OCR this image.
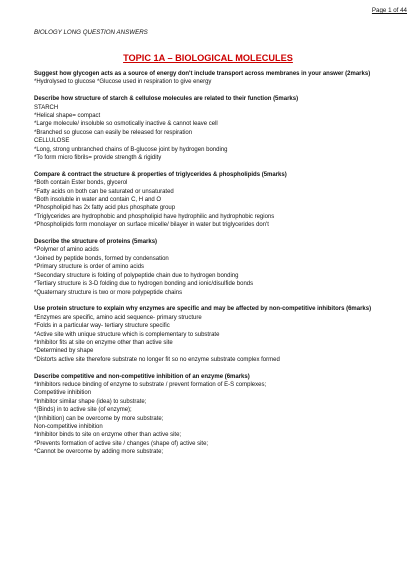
Page 1 of 44
BIOLOGY LONG QUESTION ANSWERS
TOPIC 1A – BIOLOGICAL MOLECULES
Suggest how glycogen acts as a source of energy don't include transport across membranes in your answer (2marks)
*Hydrolysed to glucose *Glucose used in respiration to give energy
Describe how structure of starch & cellulose molecules are related to their function (5marks)
STARCH
*Helical shape= compact
*Large molecule/ insoluble so osmotically inactive & cannot leave cell
*Branched so glucose can easily be released for respiration
CELLULOSE
*Long, strong unbranched chains of B-glucose joint by hydrogen bonding
*To form micro fibrils= provide strength & rigidity
Compare & contract the structure & properties of triglycerides & phospholipids (5marks)
*Both contain Ester bonds, glycerol
*Fatty acids on both can be saturated or unsaturated
*Both insoluble in water and contain C, H and O
*Phospholipid has 2x fatty acid plus phosphate group
*Triglycerides are hydrophobic and phospholipid have hydrophilic and hydrophobic regions
*Phospholipids form monolayer on surface micelle/ bilayer in water but triglycerides don't
Describe the structure of proteins (5marks)
*Polymer of amino acids
*Joined by peptide bonds, formed by condensation
*Primary structure is order of amino acids
*Secondary structure is folding of polypeptide chain due to hydrogen bonding
*Tertiary structure is 3-D folding due to hydrogen bonding and ionic/disulfide bonds
*Quaternary structure is two or more polypeptide chains
Use protein structure to explain why enzymes are specific and may be affected by non-competitive inhibitors (6marks)
*Enzymes are specific, amino acid sequence- primary structure
*Folds in a particular way- tertiary structure specific
*Active site with unique structure which is complementary to substrate
*Inhibitor fits at site on enzyme other than active site
*Determined by shape
*Distorts active site therefore substrate no longer fit so no enzyme substrate complex formed
Describe competitive and non-competitive inhibition of an enzyme (6marks)
*Inhibitors reduce binding of enzyme to substrate / prevent formation of E-S complexes;
Competitive inhibition
*Inhibitor similar shape (idea) to substrate;
*(Binds) in to active site (of enzyme);
*(Inhibition) can be overcome by more substrate;
Non-competitive inhibition
*Inhibitor binds to site on enzyme other than active site;
*Prevents formation of active site / changes (shape of) active site;
*Cannot be overcome by adding more substrate;
